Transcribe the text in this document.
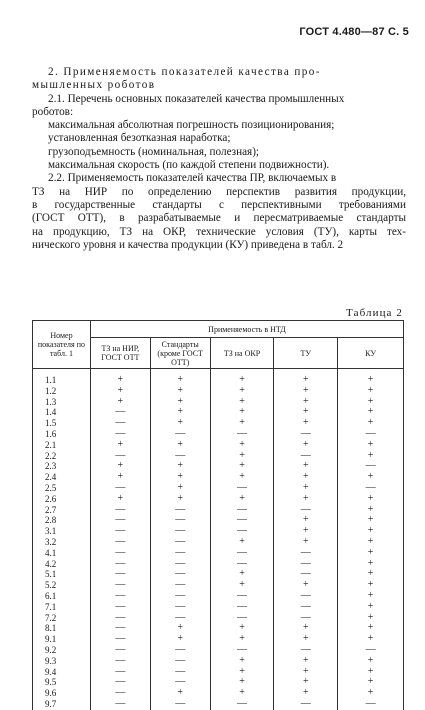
ГОСТ 4.480—87 С. 5

2. Применяемость показателей качества про-

мышленных роботов

2.1. Перечень основных показателей качества промышленных

роботов:

максимальная абсолютная погрешность позиционирования;

установленная безотказная наработка;

грузоподъемность (номинальная, полезная);

максимальная скорость (по каждой степени подвижности).

2.2. Применяемость показателей качества ПР, включаемых в

ТЗ на НИР по определению перспектив развития продукции,

в государственные стандарты с перспективными требованиями

(ГОСТ ОТТ), в разрабатываемые и пересматриваемые стандарты

на продукцию, ТЗ на ОКР, технические условия (ТУ), карты тех-

нического уровня и качества продукции (КУ) приведена в табл. 2

Таблица 2
Номер показателя по табл. 1	Применяемость в НТД				
	ТЗ на НИР, ГОСТ ОТТ	Стандарты (кроме ГОСТ ОТТ)	ТЗ на ОКР	ТУ	КУ

1.1	+	+	+	+	+
1.2	+	+	+	+	+
1.3	+	+	+	+	+
1.4	—	+	+	+	+
1.5	—	+	+	+	+
1.6	—	—	—	—	—
2.1	+	+	+	+	+
2.2	—	—	+	—	+
2.3	+	+	+	+	—
2.4	+	+	+	+	+
2.5	—	+	—	+	—
2.6	+	+	+	+	+
2.7	—	—	—	—	+
2.8	—	—	—	+	+
3.1	—	—	—	+	+
3.2	—	—	+	+	+
4.1	—	—	—	—	+
4.2	—	—	—	—	+
5.1	—	—	+	—	+
5.2	—	—	+	+	+
6.1	—	—	—	—	+
7.1	—	—	—	—	+
7.2	—	—	—	—	+
8.1	—	+	+	+	+
9.1	—	+	+	+	+
9.2	—	—	—	—	—
9.3	—	—	+	+	+
9.4	—	—	+	+	+
9.5	—	—	+	+	+
9.6	—	+	+	+	+
9.7	—	—	—	—	—
